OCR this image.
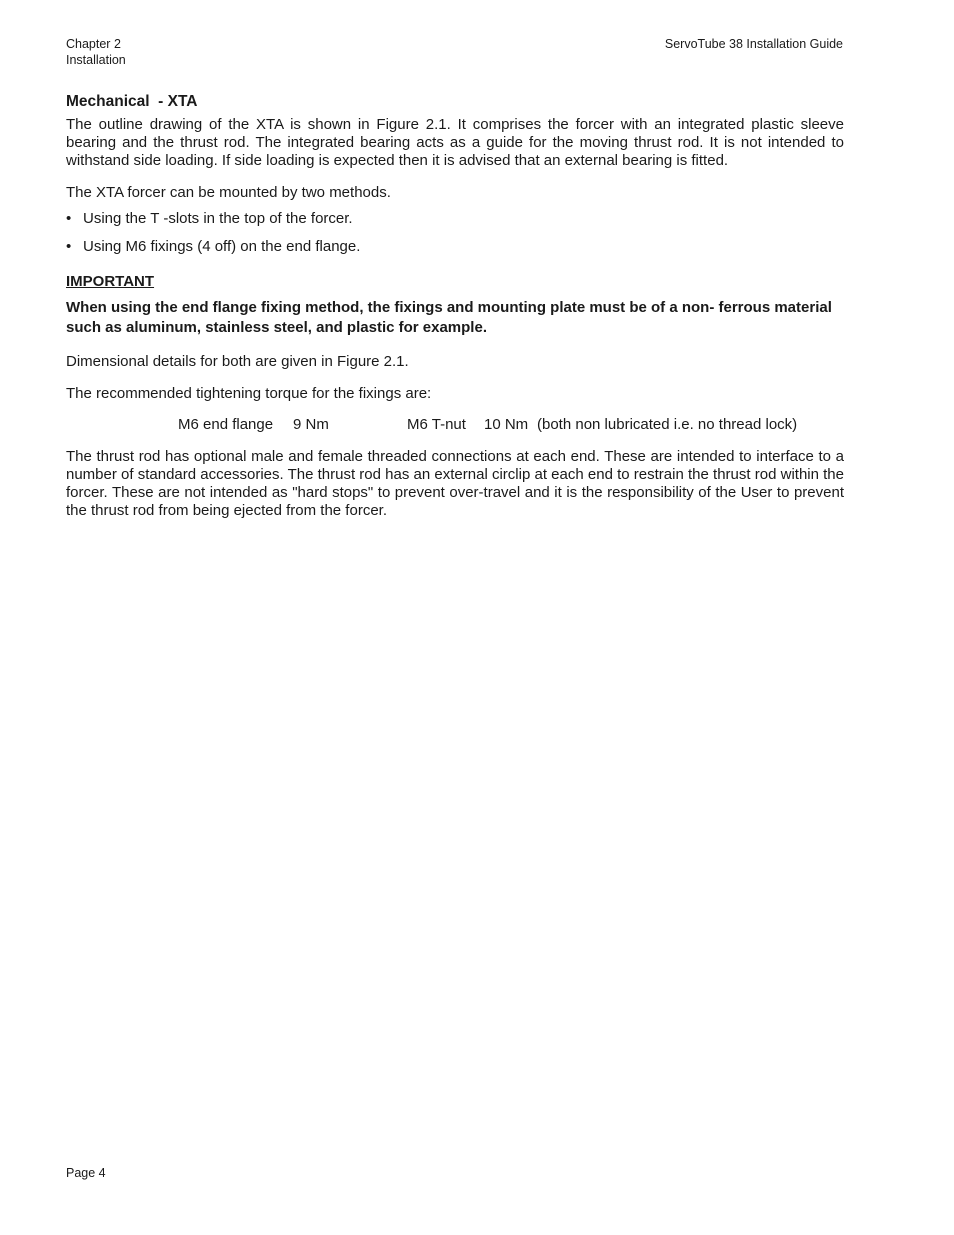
Chapter 2
Installation
ServoTube 38 Installation Guide
Mechanical  - XTA

The outline drawing of the XTA is shown in Figure 2.1. It comprises the forcer with an integrated plastic sleeve bearing and the thrust rod. The integrated bearing acts as a guide for the moving thrust rod. It is not intended to withstand side loading. If side loading is expected then it is advised that an external bearing is fitted.

The XTA forcer can be mounted by two methods.

• Using the T -slots in the top of the forcer.
• Using M6 fixings (4 off) on the end flange.

IMPORTANT

When using the end flange fixing method, the fixings and mounting plate must be of a non- ferrous material such as aluminum, stainless steel, and plastic for example.

Dimensional details for both are given in Figure 2.1.

The recommended tightening torque for the fixings are:

M6 end flange 9 Nm	M6 T-nut 10 Nm (both non lubricated i.e. no thread lock)

The thrust rod has optional male and female threaded connections at each end. These are intended to interface to a number of standard accessories. The thrust rod has an external circlip at each end to restrain the thrust rod within the forcer. These are not intended as "hard stops" to prevent over-travel and it is the responsibility of the User to prevent the thrust rod from being ejected from the forcer.

Page 4
